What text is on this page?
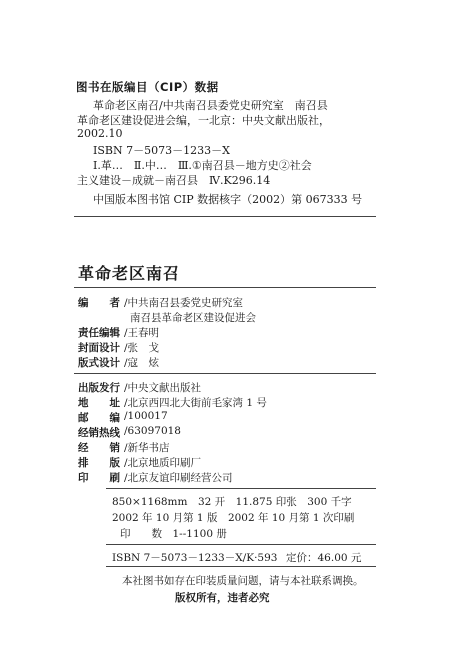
图书在版编目（CIP）数据
革命老区南召/中共南召县委党史研究室　南召县
革命老区建设促进会编，一北京：中央文献出版社，
2002.10
ISBN 7－5073－1233－X
Ⅰ.革…　Ⅱ.中…　Ⅲ.①南召县－地方史②社会
主义建设－成就－南召县　Ⅳ.K296.14
中国版本图书馆 CIP 数据核字（2002）第 067333 号
革命老区南召
编　　者 /中共南召县委党史研究室
南召县革命老区建设促进会
责任编辑 /王春明
封面设计 /张　戈
版式设计 /寇　炫
出版发行 /中央文献出版社
地　　址 /北京西四北大街前毛家湾 1 号
邮　　编 /100017
经销热线 /63097018
经　　销 /新华书店
排　　版 /北京地质印刷厂
印　　刷 /北京友谊印刷经营公司
850×1168mm　32 开　11.875 印张　300 千字
2002 年 10 月第 1 版　2002 年 10 月第 1 次印刷
印　　数　1--1100 册
ISBN 7－5073－1233－X/K·593 定价：46.00 元
本社图书如存在印装质量问题，请与本社联系调换。
版权所有，违者必究
